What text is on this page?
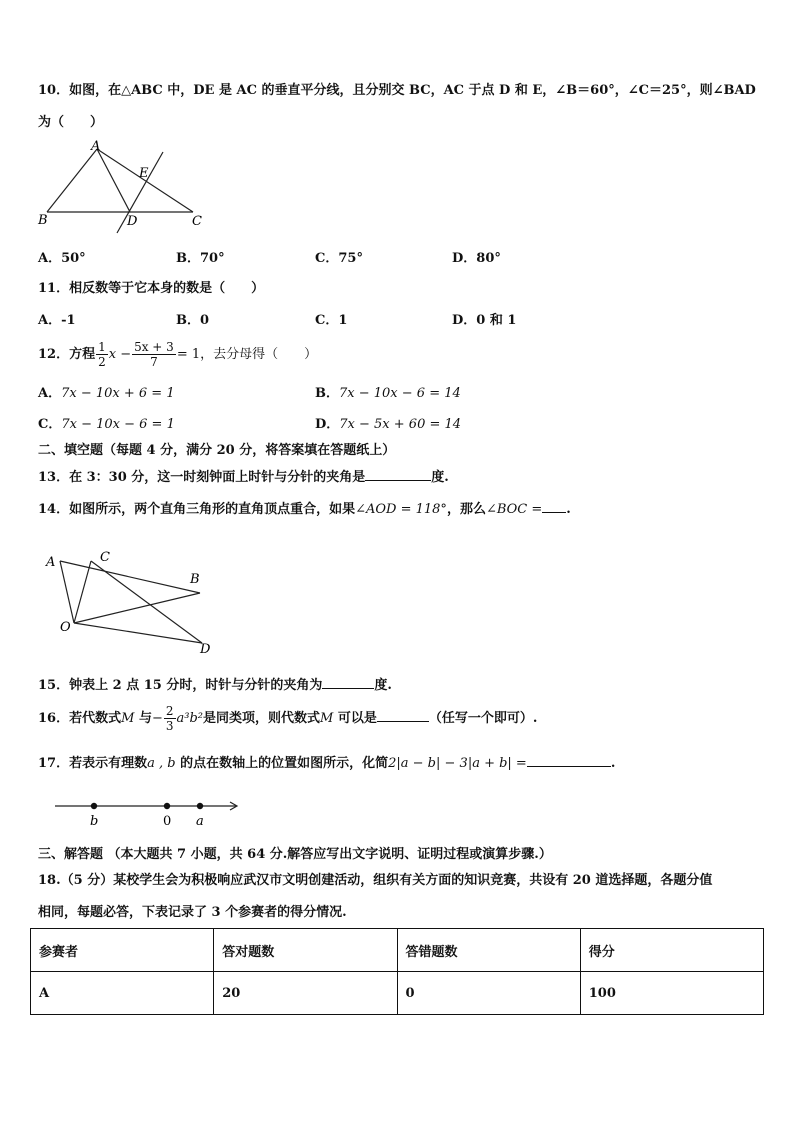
10．如图，在△ABC 中，DE 是 AC 的垂直平分线，且分别交 BC，AC 于点 D 和 E，∠B＝60°，∠C＝25°，则∠BAD
为（　　）
A
B	C
D
E
A．50°	B．70°	C．75°	D．80°
11．相反数等于它本身的数是（　　）
A．-1	B．0	C．1	D．0 和 1
12．方程 $\frac{1}{2}$ $x - \frac{5x + 3}{7} = 1$，去分母得（　　）
A．7x − 10x + 6 = 1	B．7x − 10x − 6 = 14
C．7x − 10x − 6 = 1	D．7x − 5x + 60 = 14
二、填空题（每题 4 分，满分 20 分，将答案填在答题纸上）
13．在 3：30 分，这一时刻钟面上时针与分针的夹角是	度.
14．如图所示，两个直角三角形的直角顶点重合，如果∠AOD = 118°，那么∠BOC = .
A	C
B
O
D
15．钟表上 2 点 15 分时，时针与分针的夹角为	度.
16．若代数式M 与− $\frac{2}{3} a^3b^2$是同类项，则代数式M 可以是	（任写一个即可）.
17．若表示有理数a , b 的点在数轴上的位置如图所示，化简2|a − b| − 3|a + b| =	.
b	0 a
三、解答题 （本大题共 7 小题，共 64 分.解答应写出文字说明、证明过程或演算步骤.）
18.（5 分）某校学生会为积极响应武汉市文明创建活动，组织有关方面的知识竞赛，共设有 20 道选择题，各题分值
相同，每题必答，下表记录了 3 个参赛者的得分情况.
参赛者	答对题数	答错题数	得分
A	20	0	100
